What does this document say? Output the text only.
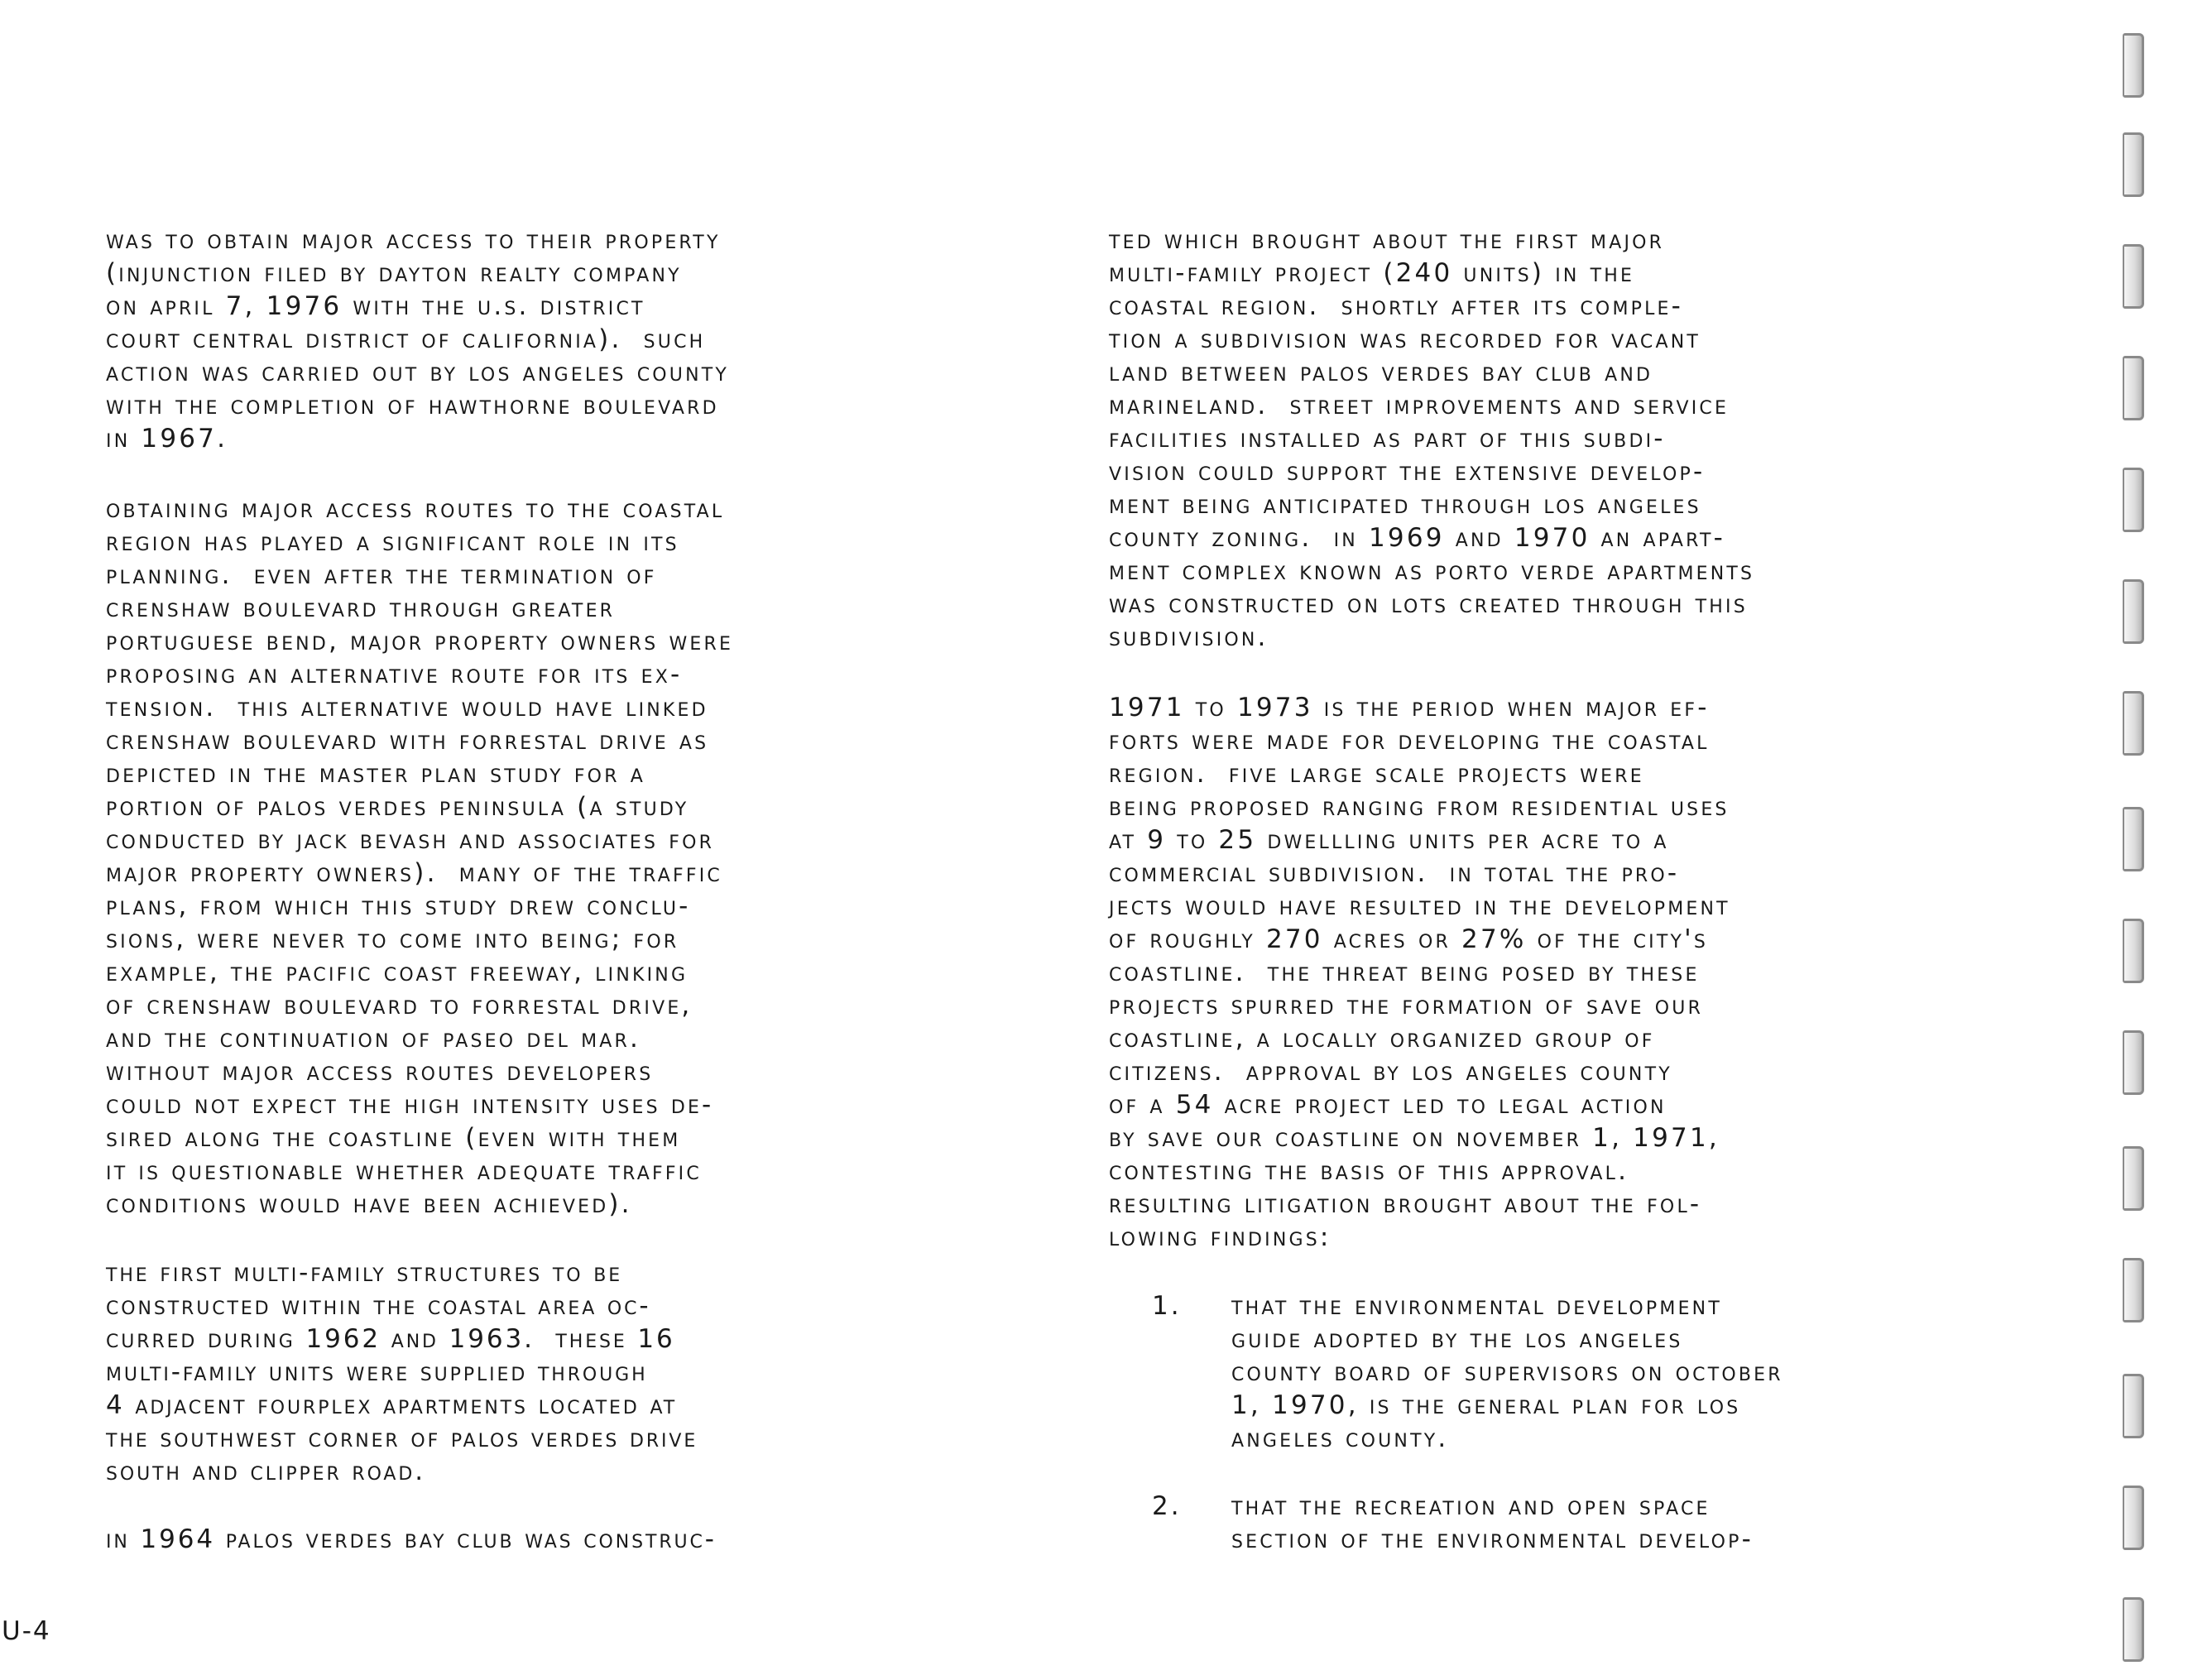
was to obtain major access to their property
(injunction filed by dayton realty company
on april 7, 1976 with the u.s. district
court central district of california).  such
action was carried out by los angeles county
with the completion of hawthorne boulevard
in 1967.
obtaining major access routes to the coastal
region has played a significant role in its
planning.  even after the termination of
crenshaw boulevard through greater
portuguese bend, major property owners were
proposing an alternative route for its ex-
tension.  this alternative would have linked
crenshaw boulevard with forrestal drive as
depicted in the master plan study for a
portion of palos verdes peninsula (a study
conducted by jack bevash and associates for
major property owners).  many of the traffic
plans, from which this study drew conclu-
sions, were never to come into being; for
example, the pacific coast freeway, linking
of crenshaw boulevard to forrestal drive,
and the continuation of paseo del mar.
without major access routes developers
could not expect the high intensity uses de-
sired along the coastline (even with them
it is questionable whether adequate traffic
conditions would have been achieved).
the first multi-family structures to be
constructed within the coastal area oc-
curred during 1962 and 1963.  these 16
multi-family units were supplied through
4 adjacent fourplex apartments located at
the southwest corner of palos verdes drive
south and clipper road.
in 1964 palos verdes bay club was construc-
ted which brought about the first major
multi-family project (240 units) in the
coastal region.  shortly after its comple-
tion a subdivision was recorded for vacant
land between palos verdes bay club and
marineland.  street improvements and service
facilities installed as part of this subdi-
vision could support the extensive develop-
ment being anticipated through los angeles
county zoning.  in 1969 and 1970 an apart-
ment complex known as porto verde apartments
was constructed on lots created through this
subdivision.
1971 to 1973 is the period when major ef-
forts were made for developing the coastal
region.  five large scale projects were
being proposed ranging from residential uses
at 9 to 25 dwellling units per acre to a
commercial subdivision.  in total the pro-
jects would have resulted in the development
of roughly 270 acres or 27% of the city's
coastline.  the threat being posed by these
projects spurred the formation of save our
coastline, a locally organized group of
citizens.  approval by los angeles county
of a 54 acre project led to legal action
by save our coastline on november 1, 1971,
contesting the basis of this approval.
resulting litigation brought about the fol-
lowing findings:
1. that the environmental development
guide adopted by the los angeles
county board of supervisors on october
1, 1970, is the general plan for los
angeles county.
2. that the recreation and open space
section of the environmental develop-
U-4
